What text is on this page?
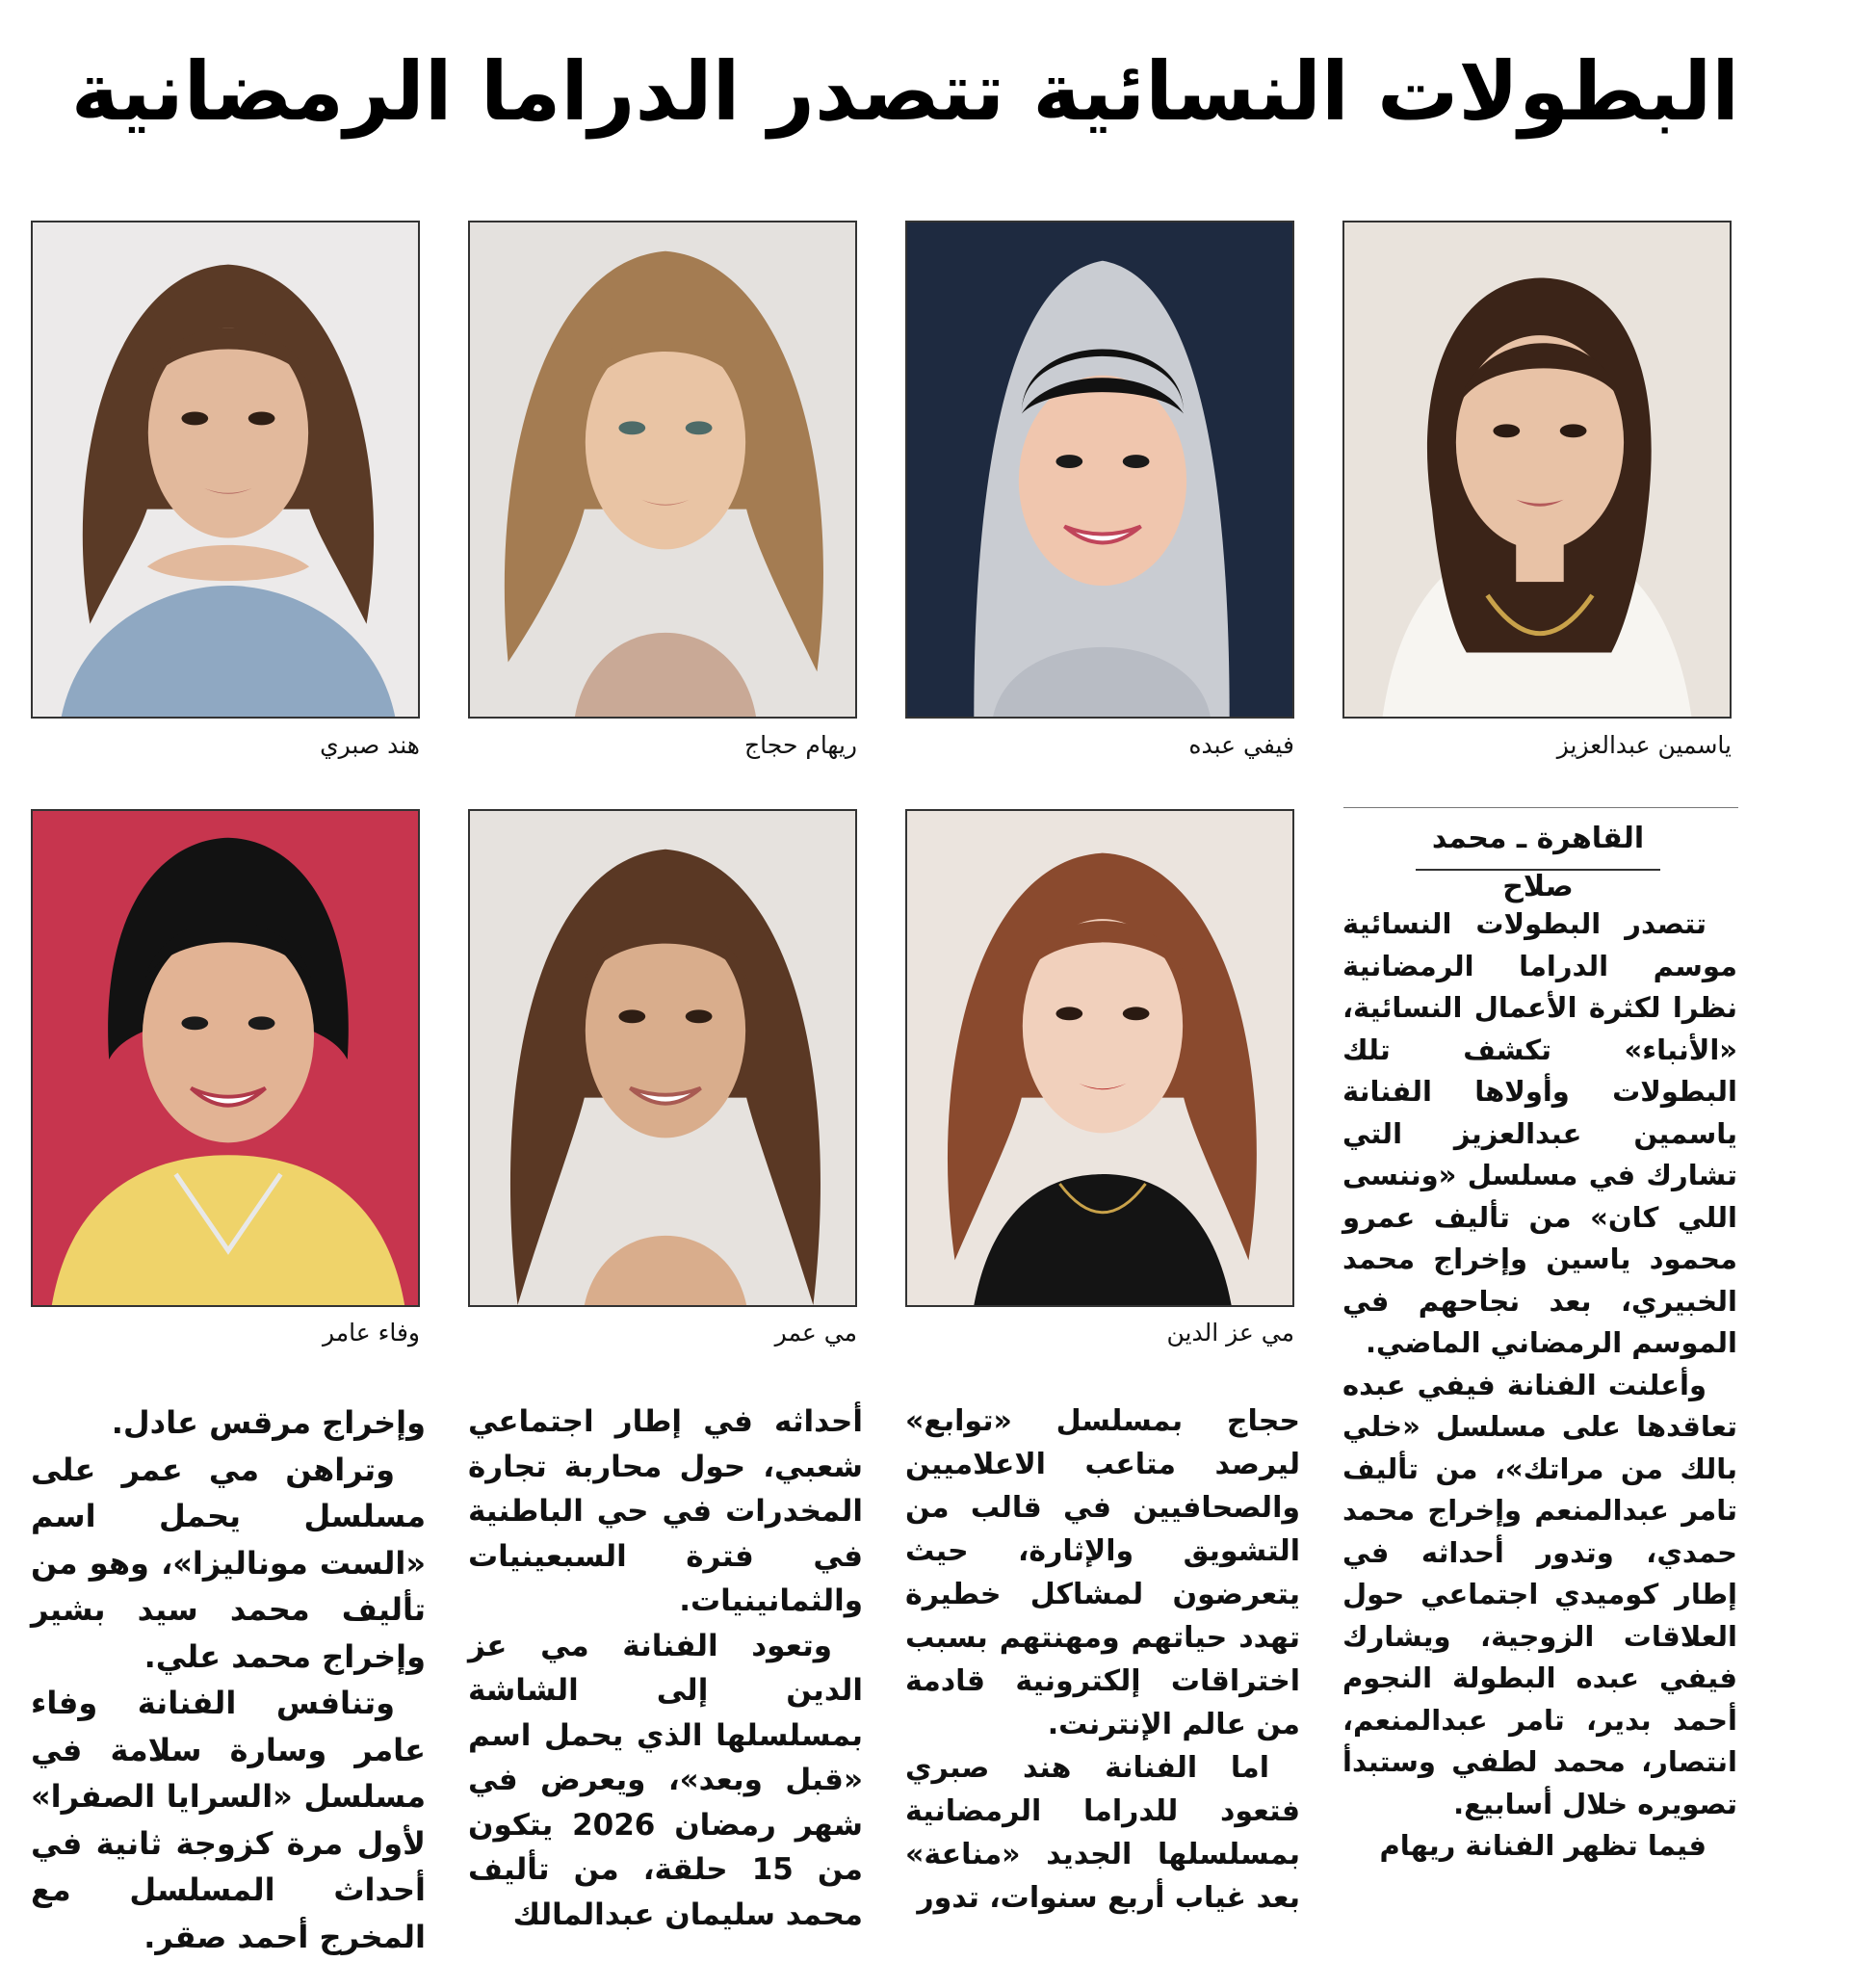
البطولات النسائية تتصدر الدراما الرمضانية
ياسمين عبدالعزيز
فيفي عبده
ريهام حجاج
هند صبري
القاهرة ـ محمد صلاح
مي عز الدين
مي عمر
وفاء عامر

تتصدر البطولات النسائية موسم الدراما الرمضانية نظرا لكثرة الأعمال النسائية، «الأنباء» تكشف تلك البطولات وأولاها الفنانة ياسمين عبدالعزيز التي تشارك في مسلسل «وننسى اللي كان» من تأليف عمرو محمود ياسين وإخراج محمد الخبيري، بعد نجاحهم في الموسم الرمضاني الماضي.

وأعلنت الفنانة فيفي عبده تعاقدها على مسلسل «خلي بالك من مراتك»، من تأليف تامر عبدالمنعم وإخراج محمد حمدي، وتدور أحداثه في إطار كوميدي اجتماعي حول العلاقات الزوجية، ويشارك فيفي عبده البطولة النجوم أحمد بدير، تامر عبدالمنعم، انتصار، محمد لطفي وستبدأ تصويره خلال أسابيع.

فيما تظهر الفنانة ريهام

حجاج بمسلسل «توابع» ليرصد متاعب الاعلاميين والصحافيين في قالب من التشويق والإثارة، حيث يتعرضون لمشاكل خطيرة تهدد حياتهم ومهنتهم بسبب اختراقات إلكترونية قادمة من عالم الإنترنت.

اما الفنانة هند صبري فتعود للدراما الرمضانية بمسلسلها الجديد «مناعة» بعد غياب أربع سنوات، تدور

أحداثه في إطار اجتماعي شعبي، حول محاربة تجارة المخدرات في حي الباطنية في فترة السبعينيات والثمانينيات.

وتعود الفنانة مي عز الدين إلى الشاشة بمسلسلها الذي يحمل اسم «قبل وبعد»، ويعرض في شهر رمضان 2026 يتكون من 15 حلقة، من تأليف محمد سليمان عبدالمالك

وإخراج مرقس عادل.

وتراهن مي عمر على مسلسل يحمل اسم «الست موناليزا»، وهو من تأليف محمد سيد بشير وإخراج محمد علي.

وتنافس الفنانة وفاء عامر وسارة سلامة في مسلسل «السرايا الصفرا» لأول مرة كزوجة ثانية في أحداث المسلسل مع المخرج أحمد صقر.
